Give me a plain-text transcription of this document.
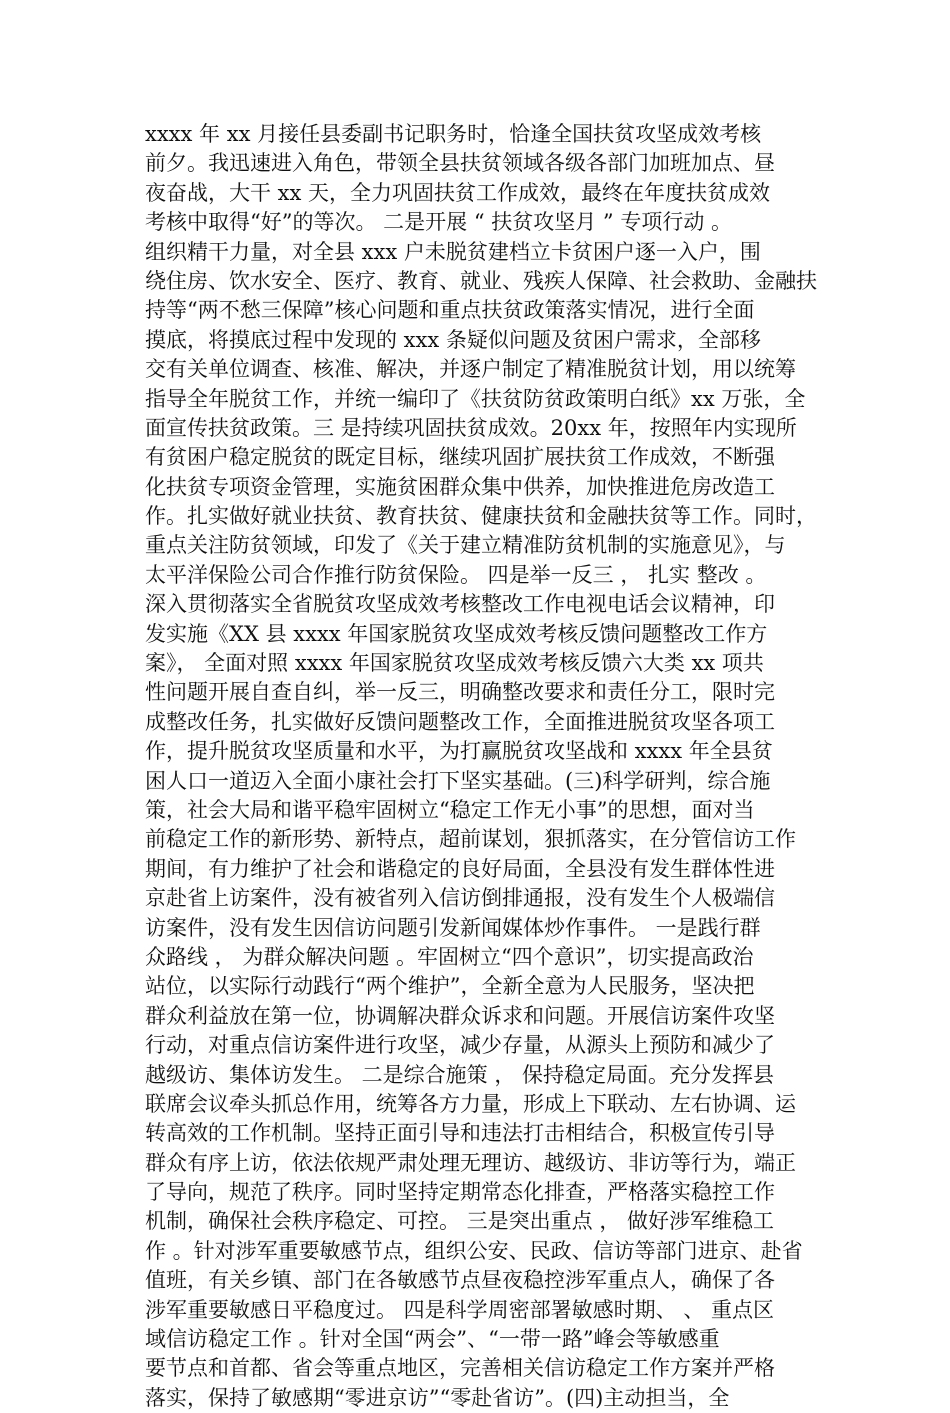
xxxx 年 xx 月接任县委副书记职务时，恰逢全国扶贫攻坚成效考核
前夕。我迅速进入角色，带领全县扶贫领域各级各部门加班加点、昼
夜奋战，大干 xx 天，全力巩固扶贫工作成效，最终在年度扶贫成效
考核中取得“好”的等次。 二是开展 “ 扶贫攻坚月 ” 专项行动 。
组织精干力量，对全县 xxx 户未脱贫建档立卡贫困户逐一入户，围
绕住房、饮水安全、医疗、教育、就业、残疾人保障、社会救助、金融扶
持等“两不愁三保障”核心问题和重点扶贫政策落实情况，进行全面
摸底，将摸底过程中发现的 xxx 条疑似问题及贫困户需求，全部移
交有关单位调查、核准、解决，并逐户制定了精准脱贫计划，用以统筹
指导全年脱贫工作，并统一编印了《扶贫防贫政策明白纸》xx 万张，全
面宣传扶贫政策。三 是持续巩固扶贫成效。20xx 年，按照年内实现所
有贫困户稳定脱贫的既定目标，继续巩固扩展扶贫工作成效，不断强
化扶贫专项资金管理，实施贫困群众集中供养，加快推进危房改造工
作。扎实做好就业扶贫、教育扶贫、健康扶贫和金融扶贫等工作。同时，
重点关注防贫领域，印发了《关于建立精准防贫机制的实施意见》，与
太平洋保险公司合作推行防贫保险。 四是举一反三 ， 扎实 整改 。
深入贯彻落实全省脱贫攻坚成效考核整改工作电视电话会议精神，印
发实施《XX 县 xxxx 年国家脱贫攻坚成效考核反馈问题整改工作方
案》， 全面对照 xxxx 年国家脱贫攻坚成效考核反馈六大类 xx 项共
性问题开展自查自纠，举一反三，明确整改要求和责任分工，限时完
成整改任务，扎实做好反馈问题整改工作，全面推进脱贫攻坚各项工
作，提升脱贫攻坚质量和水平，为打赢脱贫攻坚战和 xxxx 年全县贫
困人口一道迈入全面小康社会打下坚实基础。(三)科学研判，综合施
策，社会大局和谐平稳牢固树立“稳定工作无小事”的思想，面对当
前稳定工作的新形势、新特点，超前谋划，狠抓落实，在分管信访工作
期间，有力维护了社会和谐稳定的良好局面，全县没有发生群体性进
京赴省上访案件，没有被省列入信访倒排通报，没有发生个人极端信
访案件，没有发生因信访问题引发新闻媒体炒作事件。 一是践行群
众路线 ， 为群众解决问题 。牢固树立“四个意识”，切实提高政治
站位，以实际行动践行“两个维护”，全新全意为人民服务，坚决把
群众利益放在第一位，协调解决群众诉求和问题。开展信访案件攻坚
行动，对重点信访案件进行攻坚，减少存量，从源头上预防和减少了
越级访、集体访发生。 二是综合施策 ， 保持稳定局面。充分发挥县
联席会议牵头抓总作用，统筹各方力量，形成上下联动、左右协调、运
转高效的工作机制。坚持正面引导和违法打击相结合，积极宣传引导
群众有序上访，依法依规严肃处理无理访、越级访、非访等行为，端正
了导向，规范了秩序。同时坚持定期常态化排查，严格落实稳控工作
机制，确保社会秩序稳定、可控。 三是突出重点 ， 做好涉军维稳工
作 。针对涉军重要敏感节点，组织公安、民政、信访等部门进京、赴省
值班，有关乡镇、部门在各敏感节点昼夜稳控涉军重点人，确保了各
涉军重要敏感日平稳度过。 四是科学周密部署敏感时期、 、 重点区
域信访稳定工作 。针对全国“两会”、“一带一路”峰会等敏感重
要节点和首都、省会等重点地区，完善相关信访稳定工作方案并严格
落实，保持了敏感期“零进京访”“零赴省访”。(四)主动担当，全
